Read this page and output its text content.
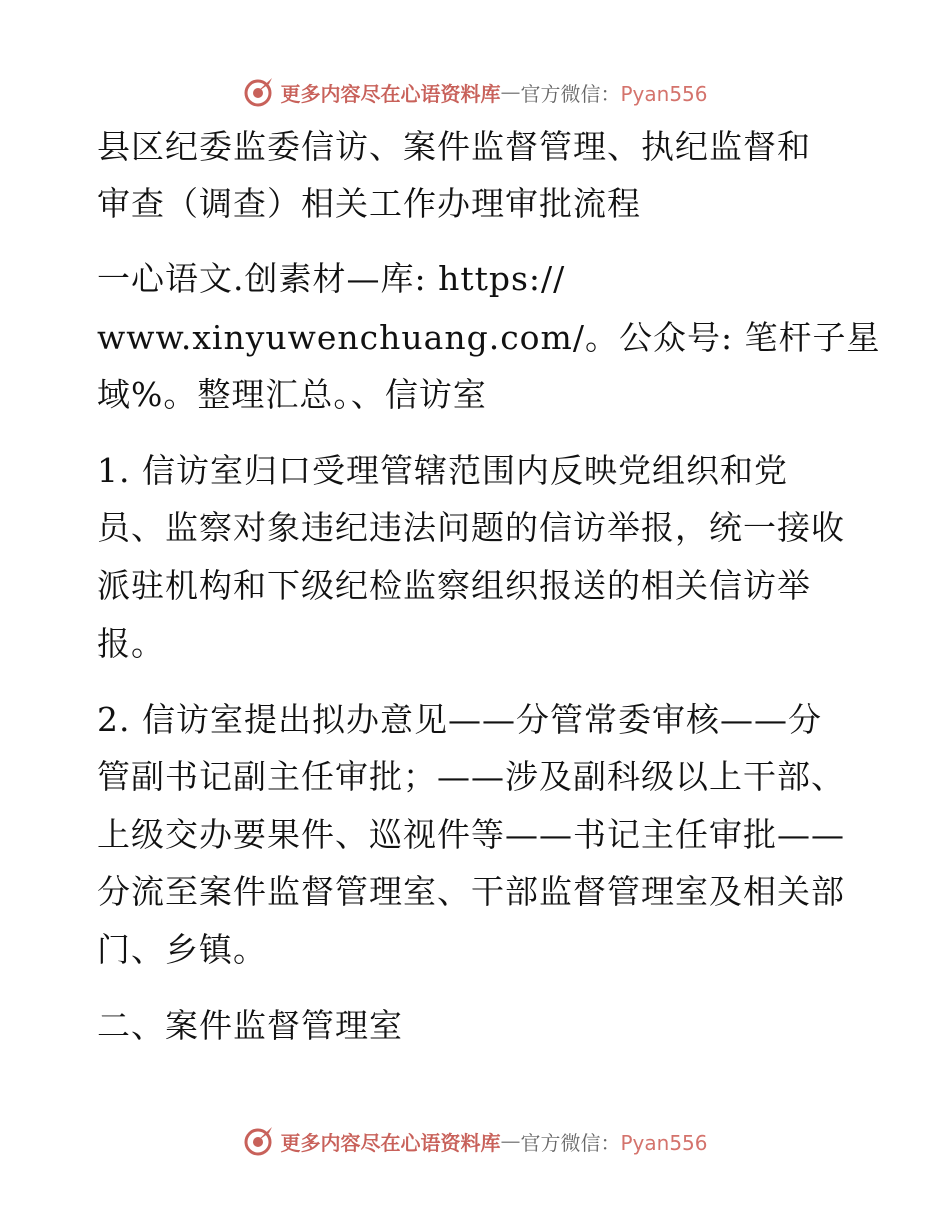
更多内容尽在心语资料库 — 官方微信：Pyan556
县区纪委监委信访、案件监督管理、执纪监督和
审查（调查）相关工作办理审批流程
一心语文.创素材—库: https://
www.xinyuwenchuang.com/。公众号: 笔杆子星
域%。整理汇总。、信访室
1. 信访室归口受理管辖范围内反映党组织和党
员、监察对象违纪违法问题的信访举报，统一接收
派驻机构和下级纪检监察组织报送的相关信访举
报。
2. 信访室提出拟办意见——分管常委审核——分
管副书记副主任审批；——涉及副科级以上干部、
上级交办要果件、巡视件等——书记主任审批——
分流至案件监督管理室、干部监督管理室及相关部
门、乡镇。
二、案件监督管理室
更多内容尽在心语资料库 — 官方微信：Pyan556
